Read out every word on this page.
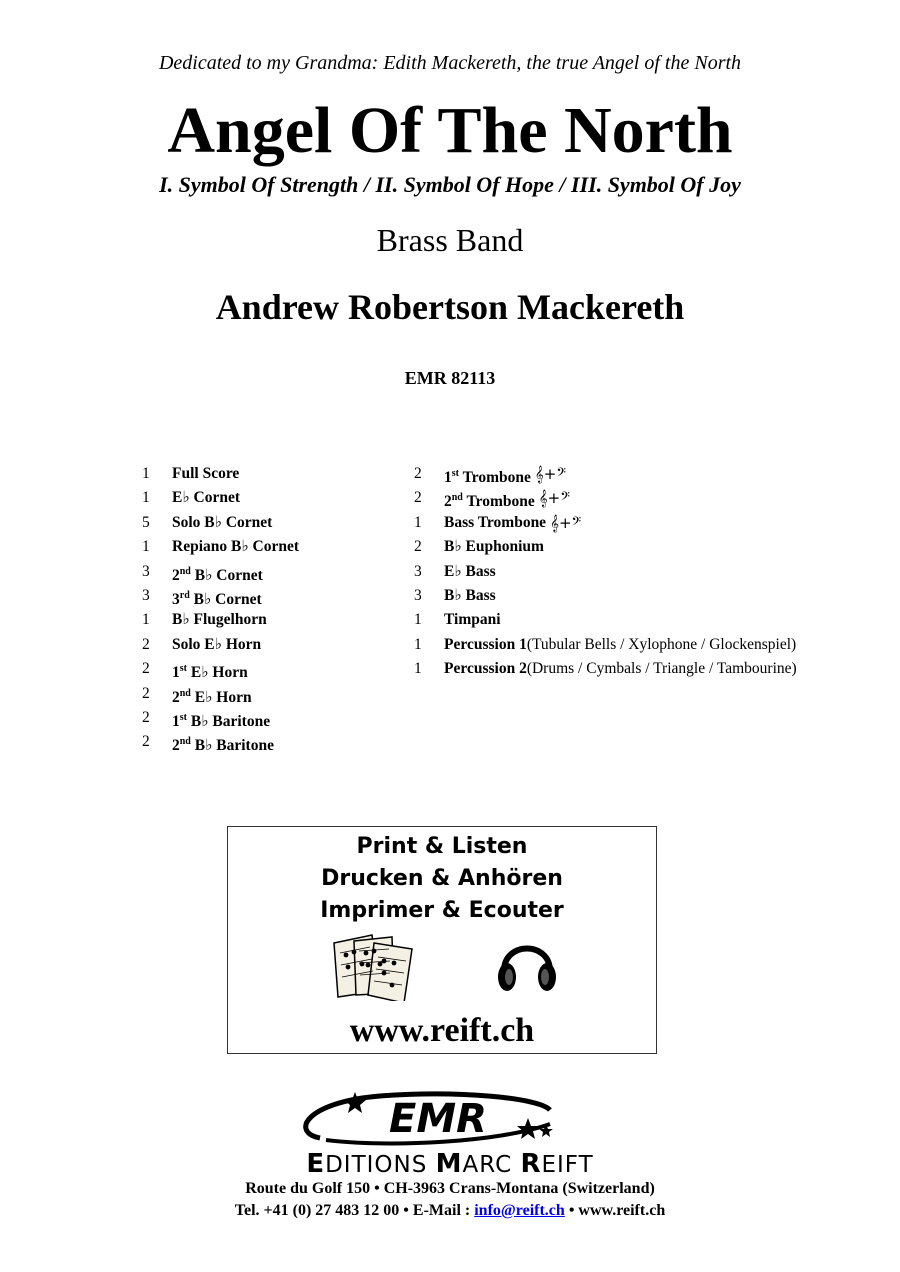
Dedicated to my Grandma: Edith Mackereth, the true Angel of the North
Angel Of The North
I. Symbol Of Strength / II. Symbol Of Hope / III. Symbol Of Joy
Brass Band
Andrew Robertson Mackereth
EMR 82113
1	Full Score
1	E♭ Cornet
5	Solo B♭ Cornet
1	Repiano B♭ Cornet
3	2nd B♭ Cornet
3	3rd B♭ Cornet
1	B♭ Flugelhorn
2	Solo E♭ Horn
2	1st E♭ Horn
2	2nd E♭ Horn
2	1st B♭ Baritone
2	2nd B♭ Baritone
2	1st Trombone 𝄞+𝄢
2	2nd Trombone 𝄞+𝄢
1	Bass Trombone 𝄞+𝄢
2	B♭ Euphonium
3	E♭ Bass
3	B♭ Bass
1	Timpani
1	Percussion 1 (Tubular Bells / Xylophone / Glockenspiel)
1	Percussion 2 (Drums / Cymbals / Triangle / Tambourine)
Print & Listen
Drucken & Anhören
Imprimer & Ecouter
www.reift.ch
EMR
EDITIONS MARC REIFT
Route du Golf 150 • CH-3963 Crans-Montana (Switzerland)
Tel. +41 (0) 27 483 12 00 • E-Mail : info@reift.ch • www.reift.ch
